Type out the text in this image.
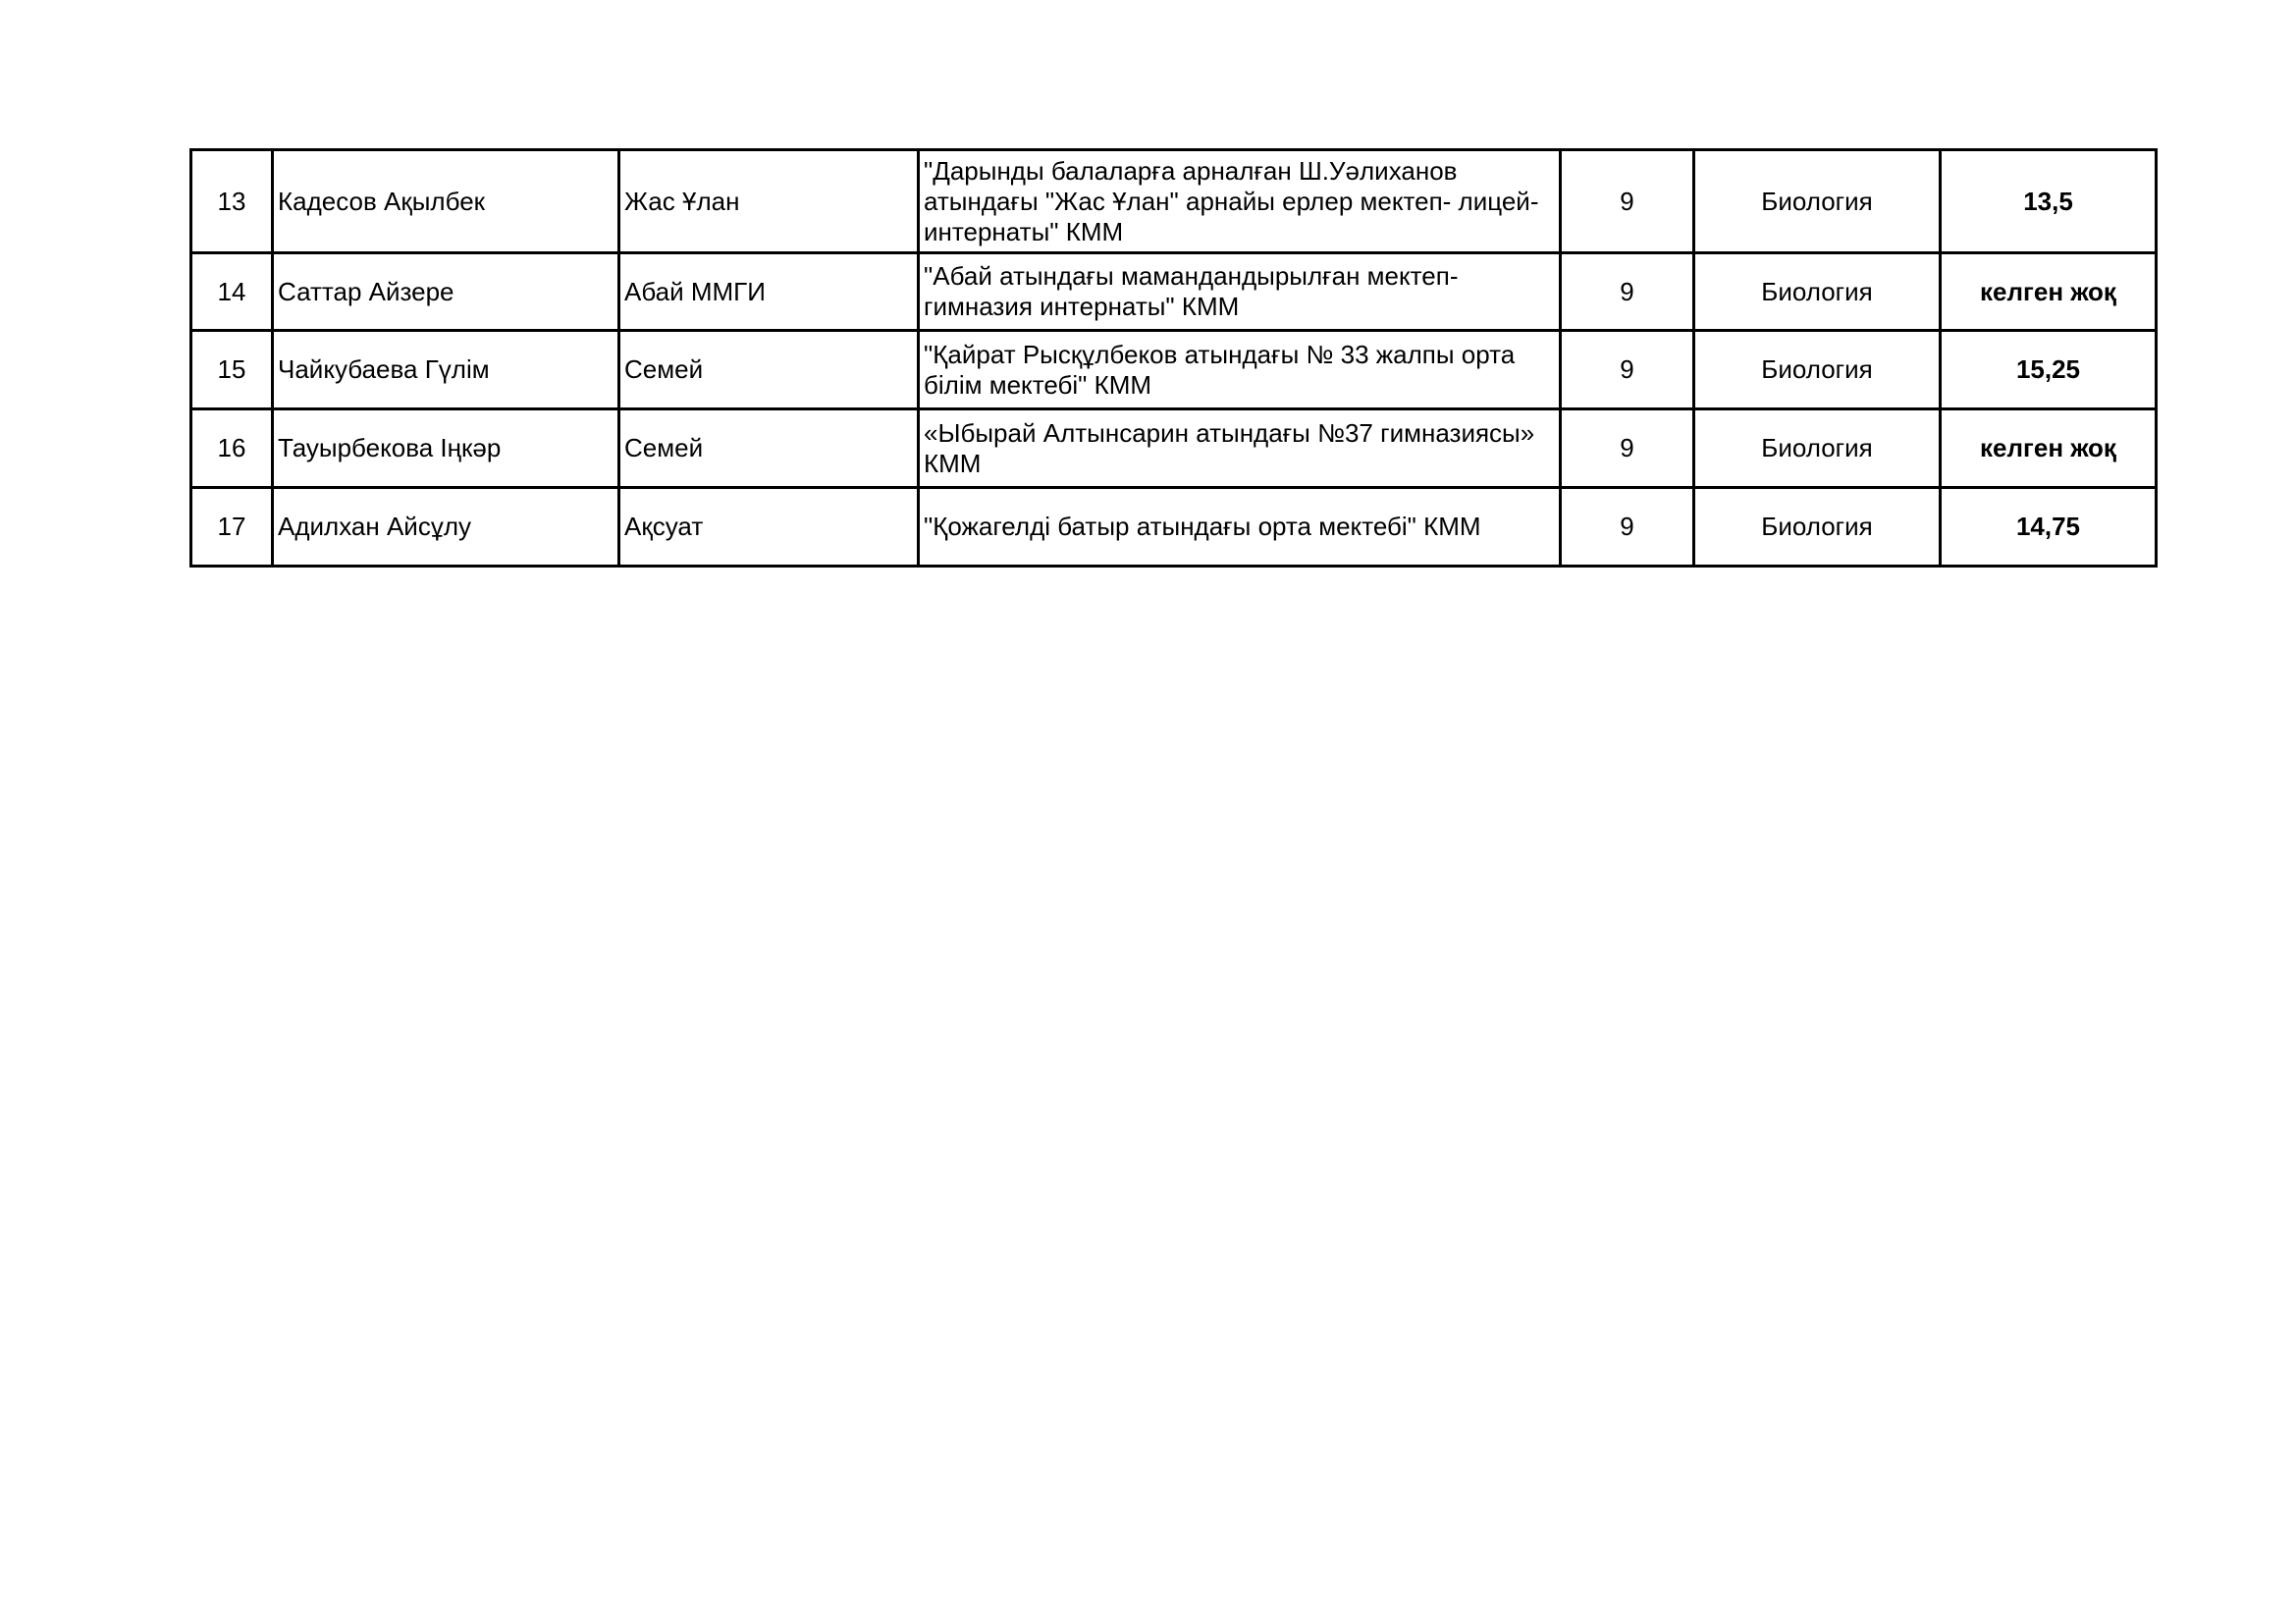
13	Кадесов Ақылбек	Жас Ұлан	"Дарынды балаларға арналған Ш.Уәлиханов атындағы "Жас Ұлан" арнайы ерлер мектеп- лицей-интернаты" КММ	9	Биология	13,5
14	Саттар Айзере	Абай ММГИ	"Абай атындағы мамандандырылған мектеп-гимназия интернаты" КММ	9	Биология	келген жоқ
15	Чайкубаева Гүлім	Семей	"Қайрат Рысқұлбеков атындағы № 33 жалпы орта білім мектебі" КММ	9	Биология	15,25
16	Тауырбекова Іңкәр	Семей	«Ыбырай Алтынсарин атындағы №37 гимназиясы» КММ	9	Биология	келген жоқ
17	Адилхан Айсұлу	Ақсуат	"Қожагелді батыр атындағы орта мектебі" КММ	9	Биология	14,75
